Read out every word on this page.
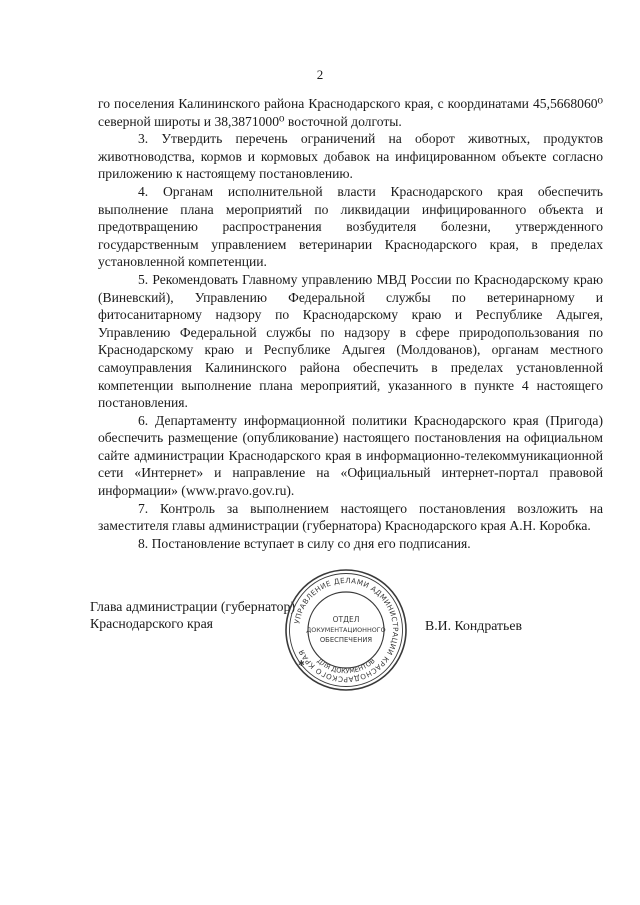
2

го поселения Калининского района Краснодарского края, с координатами 45,5668060⁰ северной широты и 38,3871000⁰ восточной долготы.

3. Утвердить перечень ограничений на оборот животных, продуктов животноводства, кормов и кормовых добавок на инфицированном объекте согласно приложению к настоящему постановлению.

4. Органам исполнительной власти Краснодарского края обеспечить выполнение плана мероприятий по ликвидации инфицированного объекта и предотвращению распространения возбудителя болезни, утвержденного государственным управлением ветеринарии Краснодарского края, в пределах установленной компетенции.

5. Рекомендовать Главному управлению МВД России по Краснодарскому краю (Виневский), Управлению Федеральной службы по ветеринарному и фитосанитарному надзору по Краснодарскому краю и Республике Адыгея, Управлению Федеральной службы по надзору в сфере природопользования по Краснодарскому краю и Республике Адыгея (Молдованов), органам местного самоуправления Калининского района обеспечить в пределах установленной компетенции выполнение плана мероприятий, указанного в пункте 4 настоящего постановления.

6. Департаменту информационной политики Краснодарского края (Пригода) обеспечить размещение (опубликование) настоящего постановления на официальном сайте администрации Краснодарского края в информационно-телекоммуникационной сети «Интернет» и направление на «Официальный интернет-портал правовой информации» (www.pravo.gov.ru).

7. Контроль за выполнением настоящего постановления возложить на заместителя главы администрации (губернатора) Краснодарского края А.Н. Коробка.

8. Постановление вступает в силу со дня его подписания.

Глава администрации (губернатор)
Краснодарского края	В.И. Кондратьев
УПРАВЛЕНИЕ ДЕЛАМИ АДМИНИСТРАЦИИ КРАСНОДАРСКОГО КРАЯ
ДЛЯ ДОКУМЕНТОВ
ОТДЕЛ
ДОКУМЕНТАЦИОННОГО
ОБЕСПЕЧЕНИЯ
✱
